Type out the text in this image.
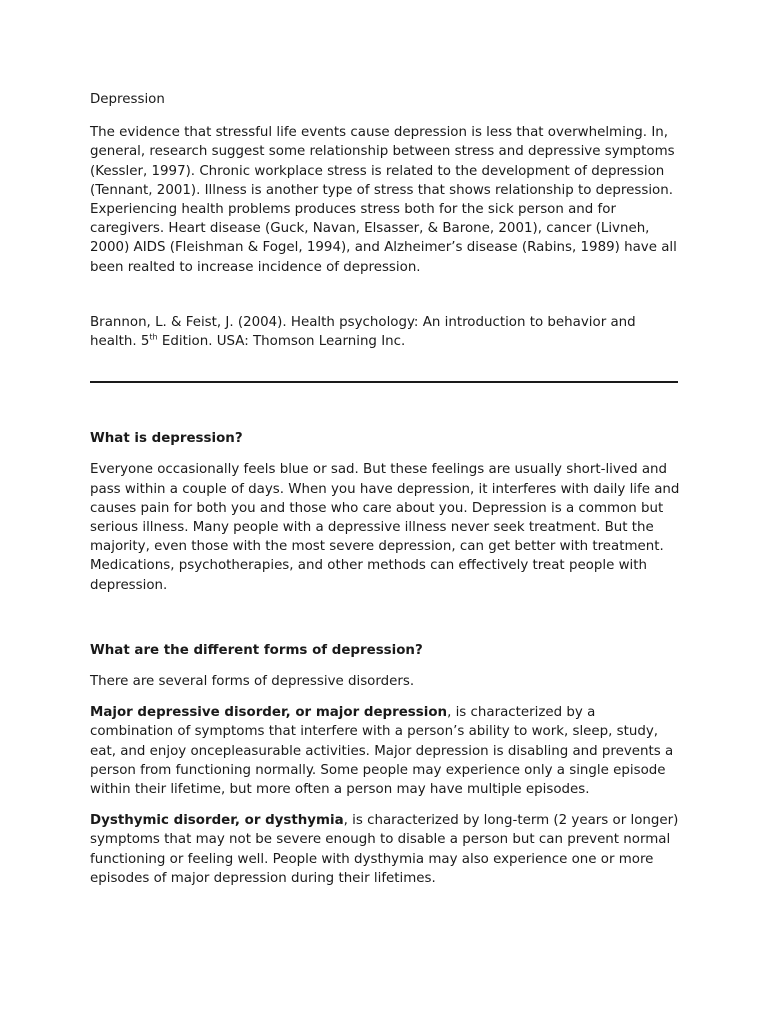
Depression

The evidence that stressful life events cause depression is less that overwhelming. In, general, research suggest some relationship between stress and depressive symptoms (Kessler, 1997). Chronic workplace stress is related to the development of depression (Tennant, 2001). Illness is another type of stress that shows relationship to depression. Experiencing health problems produces stress both for the sick person and for caregivers. Heart disease (Guck, Navan, Elsasser, & Barone, 2001), cancer (Livneh, 2000) AIDS (Fleishman & Fogel, 1994), and Alzheimer’s disease (Rabins, 1989) have all been realted to increase incidence of depression.

Brannon, L. & Feist, J. (2004). Health psychology: An introduction to behavior and health. 5th Edition. USA: Thomson Learning Inc.

What is depression?

Everyone occasionally feels blue or sad. But these feelings are usually short-lived and pass within a couple of days. When you have depression, it interferes with daily life and causes pain for both you and those who care about you. Depression is a common but serious illness. Many people with a depressive illness never seek treatment. But the majority, even those with the most severe depression, can get better with treatment. Medications, psychotherapies, and other methods can effectively treat people with depression.

What are the different forms of depression?

There are several forms of depressive disorders.

Major depressive disorder, or major depression, is characterized by a combination of symptoms that interfere with a person’s ability to work, sleep, study, eat, and enjoy oncepleasurable activities. Major depression is disabling and prevents a person from functioning normally. Some people may experience only a single episode within their lifetime, but more often a person may have multiple episodes.

Dysthymic disorder, or dysthymia, is characterized by long-term (2 years or longer) symptoms that may not be severe enough to disable a person but can prevent normal functioning or feeling well. People with dysthymia may also experience one or more episodes of major depression during their lifetimes.
